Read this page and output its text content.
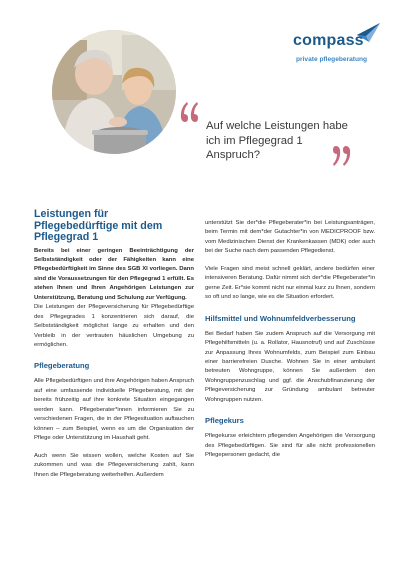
compass
private pflegeberatung
Auf welche Leistungen habe ich im Pflegegrad 1 Anspruch?
Leistungen für Pflegebedürftige mit dem Pflegegrad 1

Bereits bei einer geringen Beeinträchtigung der Selbstständigkeit oder der Fähigkeiten kann eine Pflegebedürftigkeit im Sinne des SGB XI vorliegen. Dann sind die Voraussetzungen für den Pflegegrad 1 erfüllt. Es stehen Ihnen und Ihren Angehörigen Leistungen zur Unterstützung, Beratung und Schulung zur Verfügung.

Die Leistungen der Pflegeversicherung für Pflegebedürftige des Pflegegrades 1 konzentrieren sich darauf, die Selbstständigkeit möglichst lange zu erhalten und den Verbleib in der vertrauten häuslichen Umgebung zu ermöglichen.

Pflegeberatung

Alle Pflegebedürftigen und ihre Angehörigen haben Anspruch auf eine umfassende individuelle Pflegeberatung, mit der bereits frühzeitig auf ihre konkrete Situation eingegangen werden kann. Pflegeberater*innen informieren Sie zu verschiedenen Fragen, die in der Pflegesituation auftauchen können – zum Beispiel, wenn es um die Organisation der Pflege oder Unterstützung im Haushalt geht.

Auch wenn Sie wissen wollen, welche Kosten auf Sie zukommen und was die Pflegeversicherung zahlt, kann Ihnen die Pflegeberatung weiterhelfen. Außerdem

unterstützt Sie der*die Pflegeberater*in bei Leistungsanträgen, beim Termin mit dem*der Gutachter*in von MEDICPROOF bzw. vom Medizinischen Dienst der Krankenkassen (MDK) oder auch bei der Suche nach dem passenden Pflegedienst.

Viele Fragen sind meist schnell geklärt, andere bedürfen einer intensiveren Beratung. Dafür nimmt sich der*die Pflegeberater*in gerne Zeit. Er*sie kommt nicht nur einmal kurz zu Ihnen, sondern so oft und so lange, wie es die Situation erfordert.

Hilfsmittel und Wohnumfeldverbesserung

Bei Bedarf haben Sie zudem Anspruch auf die Versorgung mit Pflegehilfsmitteln (u. a. Rollator, Hausnotruf) und auf Zuschüsse zur Anpassung Ihres Wohnumfelds, zum Beispiel zum Einbau einer barrierefreien Dusche. Wohnen Sie in einer ambulant betreuten Wohngruppe, können Sie außerdem den Wohngruppenzuschlag und ggf. die Anschubfinanzierung der Pflegeversicherung zur Gründung ambulant betreuter Wohngruppen nutzen.

Pflegekurs

Pflegekurse erleichtern pflegenden Angehörigen die Versorgung des Pflegebedürftigen. Sie sind für alle nicht professionellen Pflegepersonen gedacht, die
